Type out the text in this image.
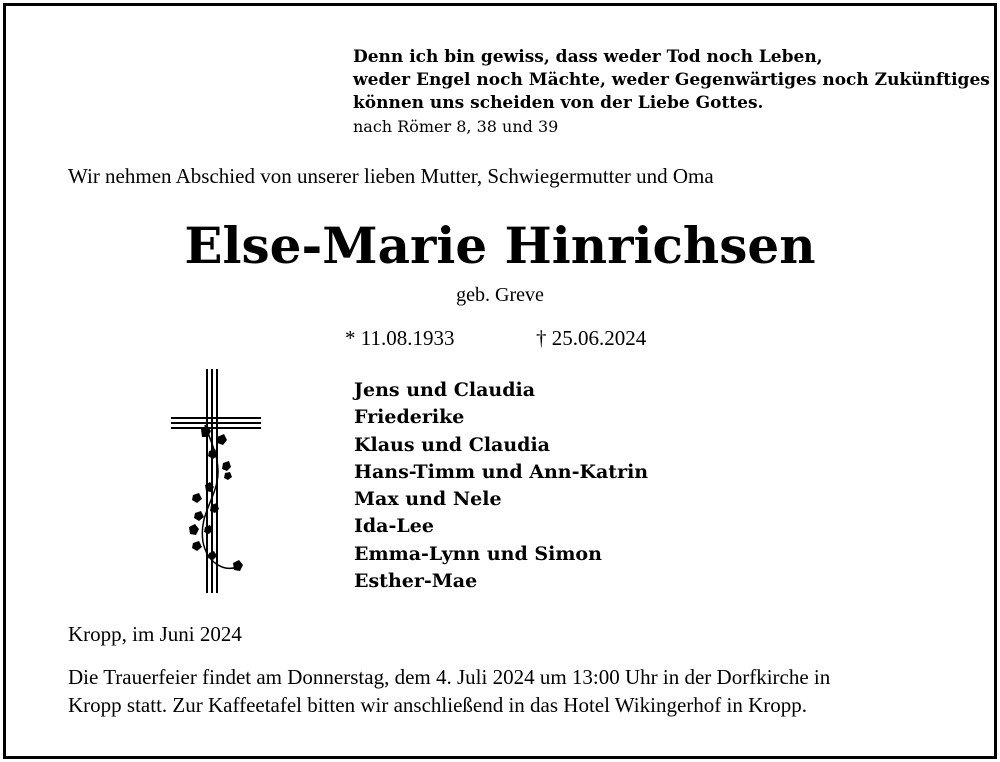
Denn ich bin gewiss, dass weder Tod noch Leben,
weder Engel noch Mächte, weder Gegenwärtiges noch Zukünftiges
können uns scheiden von der Liebe Gottes.
nach Römer 8, 38 und 39
Wir nehmen Abschied von unserer lieben Mutter, Schwiegermutter und Oma
Else-Marie Hinrichsen
geb. Greve
* 11.08.1933	† 25.06.2024
Jens und Claudia
Friederike
Klaus und Claudia
Hans-Timm und Ann-Katrin
Max und Nele
Ida-Lee
Emma-Lynn und Simon
Esther-Mae
Kropp, im Juni 2024
Die Trauerfeier findet am Donnerstag, dem 4. Juli 2024 um 13:00 Uhr in der Dorfkirche in
Kropp statt. Zur Kaffeetafel bitten wir anschließend in das Hotel Wikingerhof in Kropp.
